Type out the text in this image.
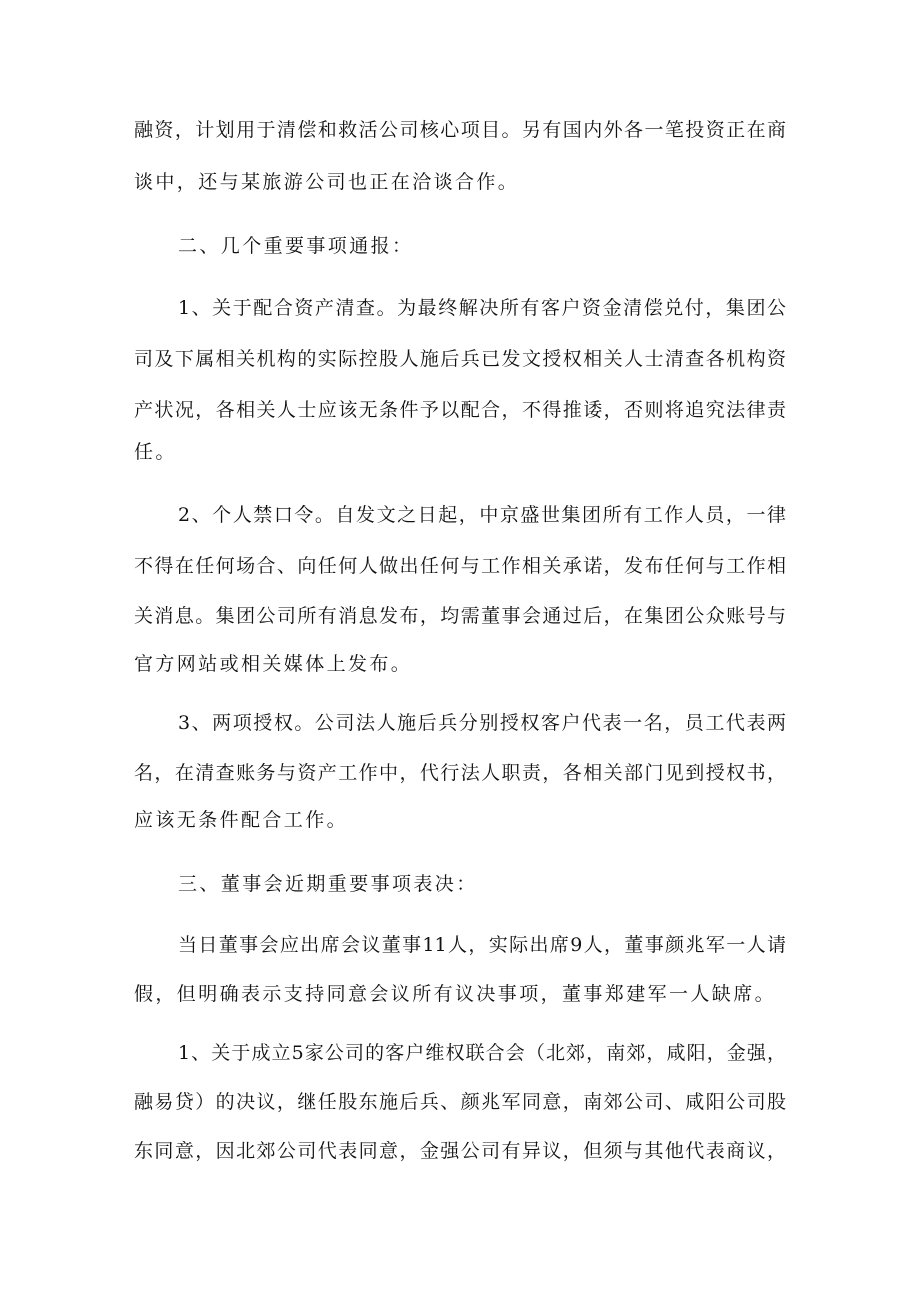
融资，计划用于清偿和救活公司核心项目。另有国内外各一笔投资正在商
谈中，还与某旅游公司也正在洽谈合作。
二、几个重要事项通报：
1、关于配合资产清查。为最终解决所有客户资金清偿兑付，集团公
司及下属相关机构的实际控股人施后兵已发文授权相关人士清查各机构资
产状况，各相关人士应该无条件予以配合，不得推诿，否则将追究法律责
任。
2、个人禁口令。自发文之日起，中京盛世集团所有工作人员，一律
不得在任何场合、向任何人做出任何与工作相关承诺，发布任何与工作相
关消息。集团公司所有消息发布，均需董事会通过后，在集团公众账号与
官方网站或相关媒体上发布。
3、两项授权。公司法人施后兵分别授权客户代表一名，员工代表两
名，在清查账务与资产工作中，代行法人职责，各相关部门见到授权书，
应该无条件配合工作。
三、董事会近期重要事项表决：
当日董事会应出席会议董事11人，实际出席9人，董事颜兆军一人请
假，但明确表示支持同意会议所有议决事项，董事郑建军一人缺席。
1、关于成立5家公司的客户维权联合会（北郊，南郊，咸阳，金强，
融易贷）的决议，继任股东施后兵、颜兆军同意，南郊公司、咸阳公司股
东同意，因北郊公司代表同意，金强公司有异议，但须与其他代表商议，
